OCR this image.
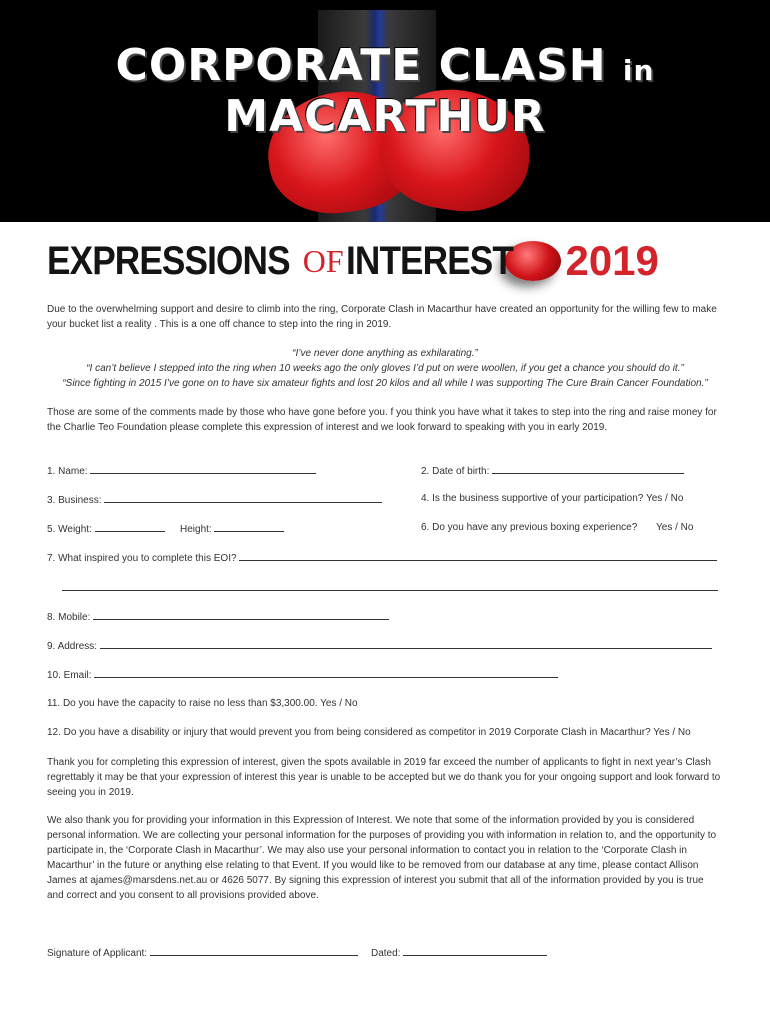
CORPORATE CLASH in MACARTHUR
EXPRESSIONS OF INTEREST 2019
Due to the overwhelming support and desire to climb into the ring, Corporate Clash in Macarthur have created an opportunity for the willing few to make your bucket list a reality . This is a one off chance to step into the ring in 2019.
“I’ve never done anything as exhilarating.”
“I can’t believe I stepped into the ring when 10 weeks ago the only gloves I’d put on were woollen, if you get a chance you should do it.”
“Since fighting in 2015 I’ve gone on to have six amateur fights and lost 20 kilos and all while I was supporting The Cure Brain Cancer Foundation.”
Those are some of the comments made by those who have gone before you. f you think you have what it takes to step into the ring and raise money for the Charlie Teo Foundation please complete this expression of interest and we look forward to speaking with you in early 2019.
1. Name:	2. Date of birth:
3. Business:	4. Is the business supportive of your participation? Yes / No
5. Weight:	Height:	6. Do you have any previous boxing experience? Yes / No
7. What inspired you to complete this EOI?
8. Mobile:
9. Address:
10. Email:
11. Do you have the capacity to raise no less than $3,300.00. Yes / No
12. Do you have a disability or injury that would prevent you from being considered as competitor in 2019 Corporate Clash in Macarthur? Yes / No
Thank you for completing this expression of interest, given the spots available in 2019 far exceed the number of applicants to fight in next year’s Clash regrettably it may be that your expression of interest this year is unable to be accepted but we do thank you for your ongoing support and look forward to seeing you in 2019.
We also thank you for providing your information in this Expression of Interest. We note that some of the information provided by you is considered personal information. We are collecting your personal information for the purposes of providing you with information in relation to, and the opportunity to participate in, the ‘Corporate Clash in Macarthur’. We may also use your personal information to contact you in relation to the ‘Corporate Clash in Macarthur’ in the future or anything else relating to that Event. If you would like to be removed from our database at any time, please contact Allison James at ajames@marsdens.net.au or 4626 5077. By signing this expression of interest you submit that all of the information provided by you is true and correct and you consent to all provisions provided above.
Signature of Applicant:	Dated:
